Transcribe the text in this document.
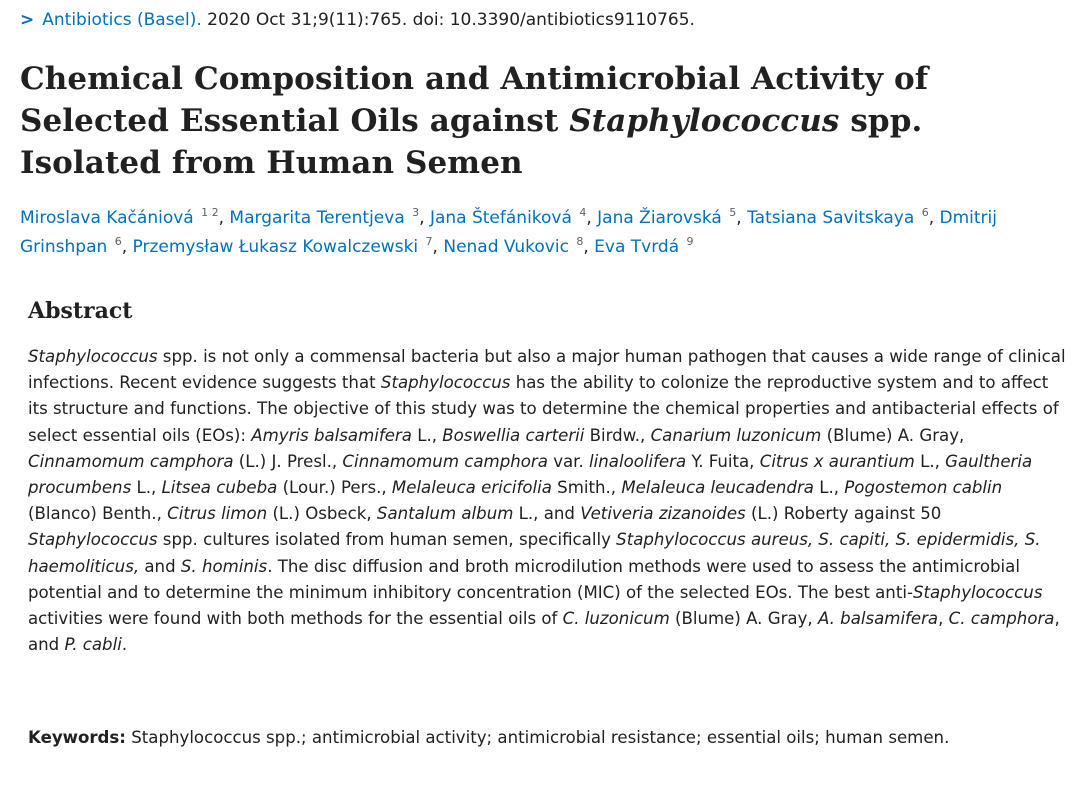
> Antibiotics (Basel). 2020 Oct 31;9(11):765. doi: 10.3390/antibiotics9110765.
Chemical Composition and Antimicrobial Activity of Selected Essential Oils against Staphylococcus spp. Isolated from Human Semen
Miroslava Kačániová $^{1 2}$, Margarita Terentjeva $^3$, Jana Štefániková $^4$, Jana Žiarovská $^5$, Tatsiana Savitskaya $^6$, Dmitrij Grinshpan $^6$, Przemysław Łukasz Kowalczewski $^7$, Nenad Vukovic $^8$, Eva Tvrdá $^9$
Abstract

Staphylococcus spp. is not only a commensal bacteria but also a major human pathogen that causes a wide range of clinical infections. Recent evidence suggests that Staphylococcus has the ability to colonize the reproductive system and to affect its structure and functions. The objective of this study was to determine the chemical properties and antibacterial effects of select essential oils (EOs): Amyris balsamifera L., Boswellia carterii Birdw., Canarium luzonicum (Blume) A. Gray, Cinnamomum camphora (L.) J. Presl., Cinnamomum camphora var. linaloolifera Y. Fuita, Citrus x aurantium L., Gaultheria procumbens L., Litsea cubeba (Lour.) Pers., Melaleuca ericifolia Smith., Melaleuca leucadendra L., Pogostemon cablin (Blanco) Benth., Citrus limon (L.) Osbeck, Santalum album L., and Vetiveria zizanoides (L.) Roberty against 50 Staphylococcus spp. cultures isolated from human semen, specifically Staphylococcus aureus, S. capiti, S. epidermidis, S. haemoliticus, and S. hominis. The disc diffusion and broth microdilution methods were used to assess the antimicrobial potential and to determine the minimum inhibitory concentration (MIC) of the selected EOs. The best anti-Staphylococcus activities were found with both methods for the essential oils of C. luzonicum (Blume) A. Gray, A. balsamifera, C. camphora, and P. cabli.

Keywords: Staphylococcus spp.; antimicrobial activity; antimicrobial resistance; essential oils; human semen.
